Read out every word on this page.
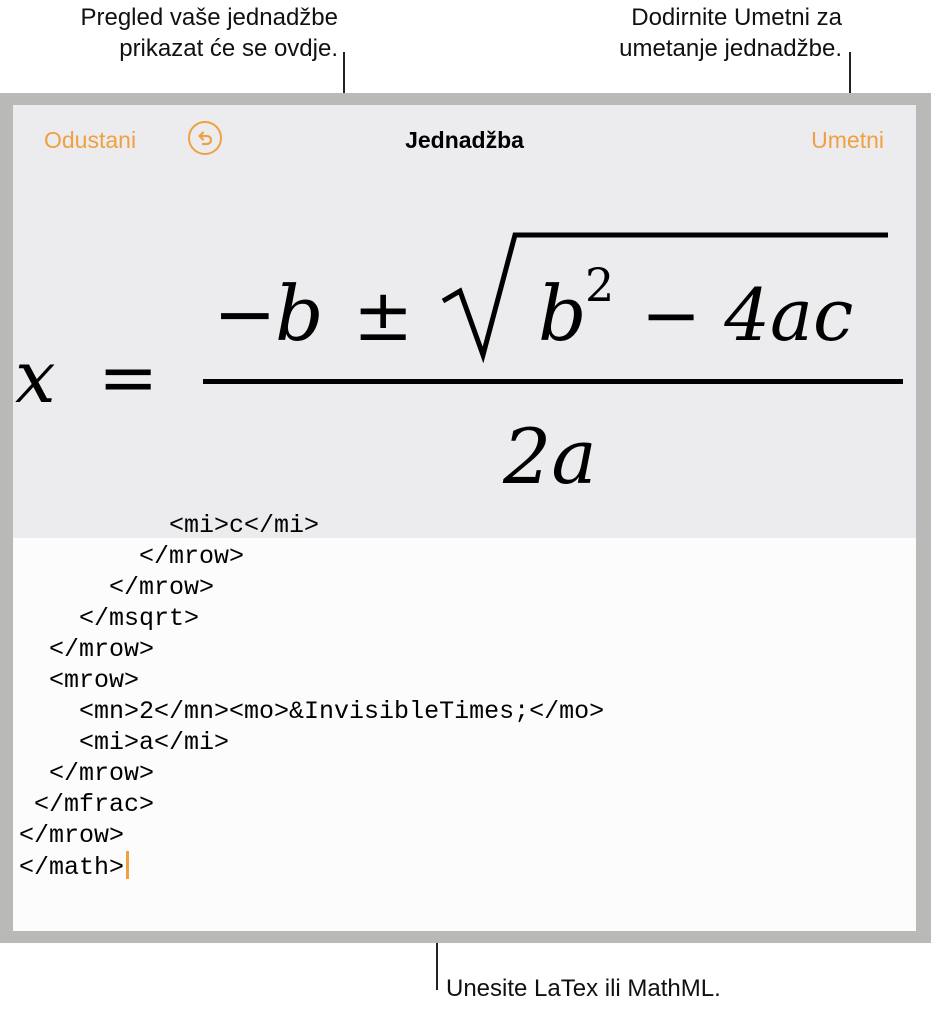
Pregled vaše jednadžbe
prikazat će se ovdje.
Dodirnite Umetni za
umetanje jednadžbe.
Odustani	Jednadžba	Umetni
x =
−
b ± b
2 − 4ac
2a
<mi>c</mi>
</mrow>
</mrow>
</msqrt>
</mrow>
<mrow>
<mn>2</mn><mo>&InvisibleTimes;</mo>
<mi>a</mi>
</mrow>
</mfrac>
</mrow>
</math>
Unesite LaTex ili MathML.
